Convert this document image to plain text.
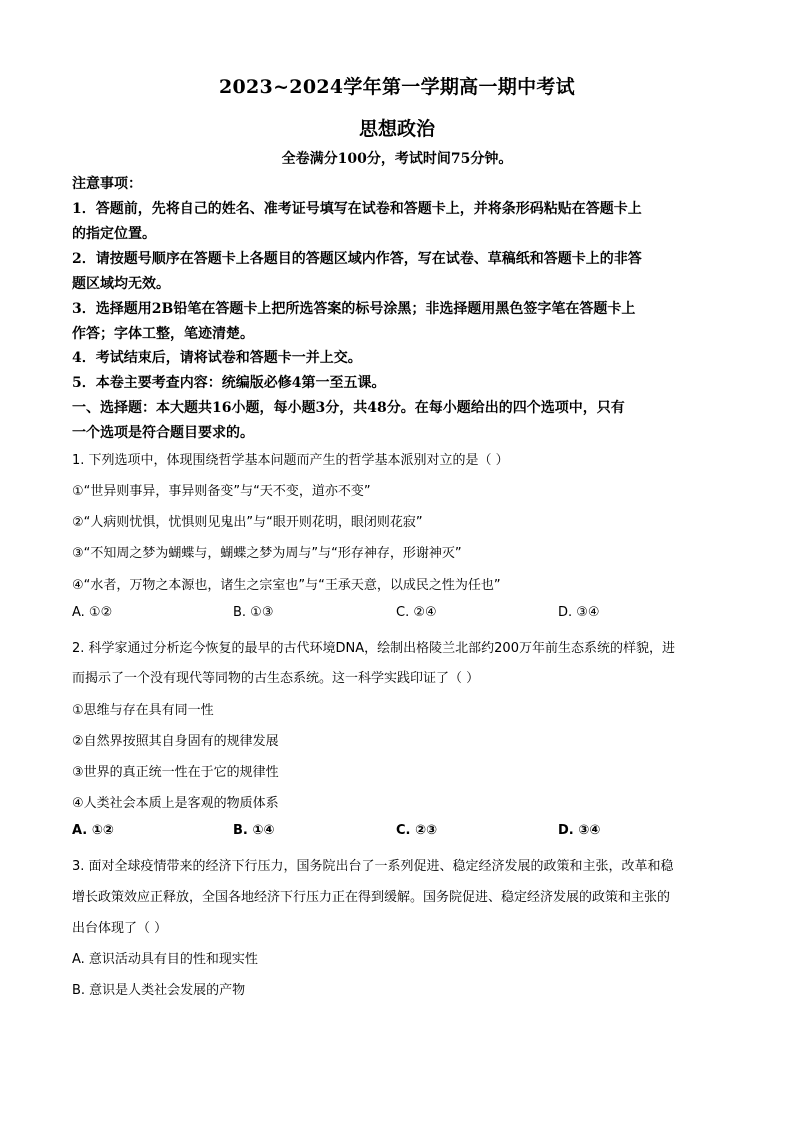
2023~2024学年第一学期高一期中考试
思想政治
全卷满分100分，考试时间75分钟。
注意事项：
1．答题前，先将自己的姓名、准考证号填写在试卷和答题卡上，并将条形码粘贴在答题卡上
的指定位置。
2．请按题号顺序在答题卡上各题目的答题区域内作答，写在试卷、草稿纸和答题卡上的非答
题区域均无效。
3．选择题用2B铅笔在答题卡上把所选答案的标号涂黑；非选择题用黑色签字笔在答题卡上
作答；字体工整，笔迹清楚。
4．考试结束后，请将试卷和答题卡一并上交。
5．本卷主要考查内容：统编版必修4第一至五课。
一、选择题：本大题共16小题，每小题3分，共48分。在每小题给出的四个选项中，只有
一个选项是符合题目要求的。
1. 下列选项中，体现围绕哲学基本问题而产生的哲学基本派别对立的是（ ）
①“世异则事异，事异则备变”与“天不变，道亦不变”
②“人病则忧惧，忧惧则见鬼出”与“眼开则花明，眼闭则花寂”
③“不知周之梦为蝴蝶与，蝴蝶之梦为周与”与“形存神存，形谢神灭”
④“水者，万物之本源也，诸生之宗室也”与“王承天意，以成民之性为任也”
A. ①②	B. ①③	C. ②④	D. ③④
2. 科学家通过分析迄今恢复的最早的古代环境DNA，绘制出格陵兰北部约200万年前生态系统的样貌，进
而揭示了一个没有现代等同物的古生态系统。这一科学实践印证了（ ）
①思维与存在具有同一性
②自然界按照其自身固有的规律发展
③世界的真正统一性在于它的规律性
④人类社会本质上是客观的物质体系
A. ①②	B. ①④	C. ②③	D. ③④
3. 面对全球疫情带来的经济下行压力，国务院出台了一系列促进、稳定经济发展的政策和主张，改革和稳
增长政策效应正释放，全国各地经济下行压力正在得到缓解。国务院促进、稳定经济发展的政策和主张的
出台体现了（ ）
A. 意识活动具有目的性和现实性
B. 意识是人类社会发展的产物
